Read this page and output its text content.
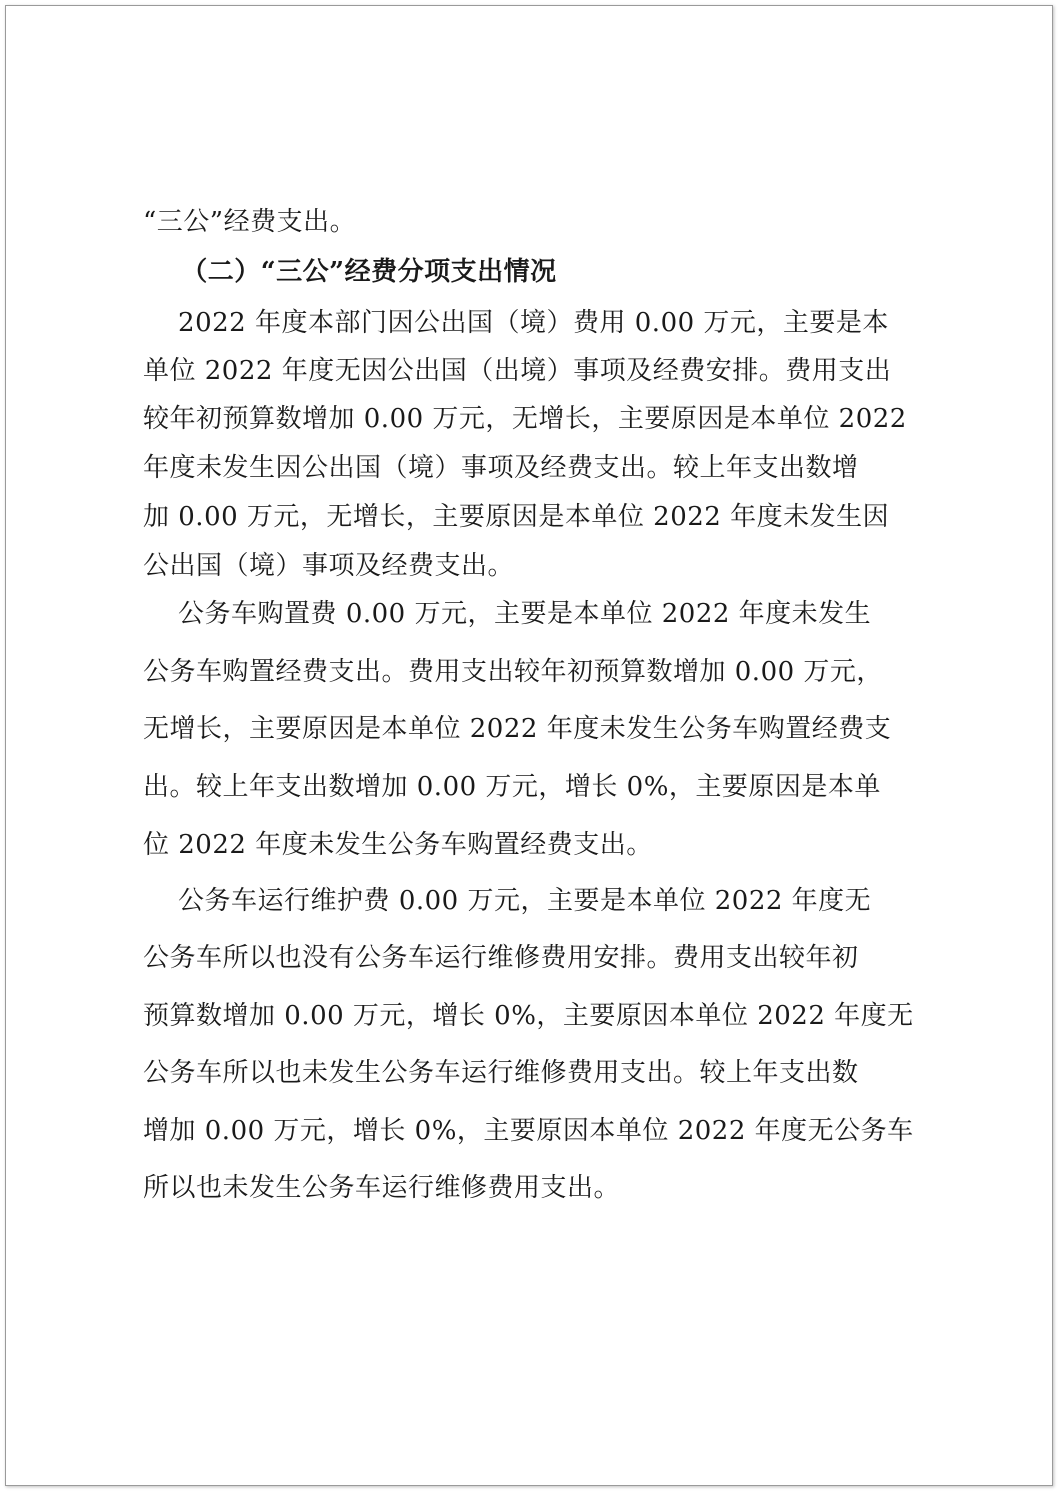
“三公”经费支出。

（二）“三公”经费分项支出情况

2022 年度本部门因公出国（境）费用 0.00 万元，主要是本

单位 2022 年度无因公出国（出境）事项及经费安排。费用支出

较年初预算数增加 0.00 万元，无增长，主要原因是本单位 2022

年度未发生因公出国（境）事项及经费支出。较上年支出数增

加 0.00 万元，无增长，主要原因是本单位 2022 年度未发生因

公出国（境）事项及经费支出。

公务车购置费 0.00 万元，主要是本单位 2022 年度未发生

公务车购置经费支出。费用支出较年初预算数增加 0.00 万元，

无增长，主要原因是本单位 2022 年度未发生公务车购置经费支

出。较上年支出数增加 0.00 万元，增长 0%，主要原因是本单

位 2022 年度未发生公务车购置经费支出。

公务车运行维护费 0.00 万元，主要是本单位 2022 年度无

公务车所以也没有公务车运行维修费用安排。费用支出较年初

预算数增加 0.00 万元，增长 0%，主要原因本单位 2022 年度无

公务车所以也未发生公务车运行维修费用支出。较上年支出数

增加 0.00 万元，增长 0%，主要原因本单位 2022 年度无公务车

所以也未发生公务车运行维修费用支出。
